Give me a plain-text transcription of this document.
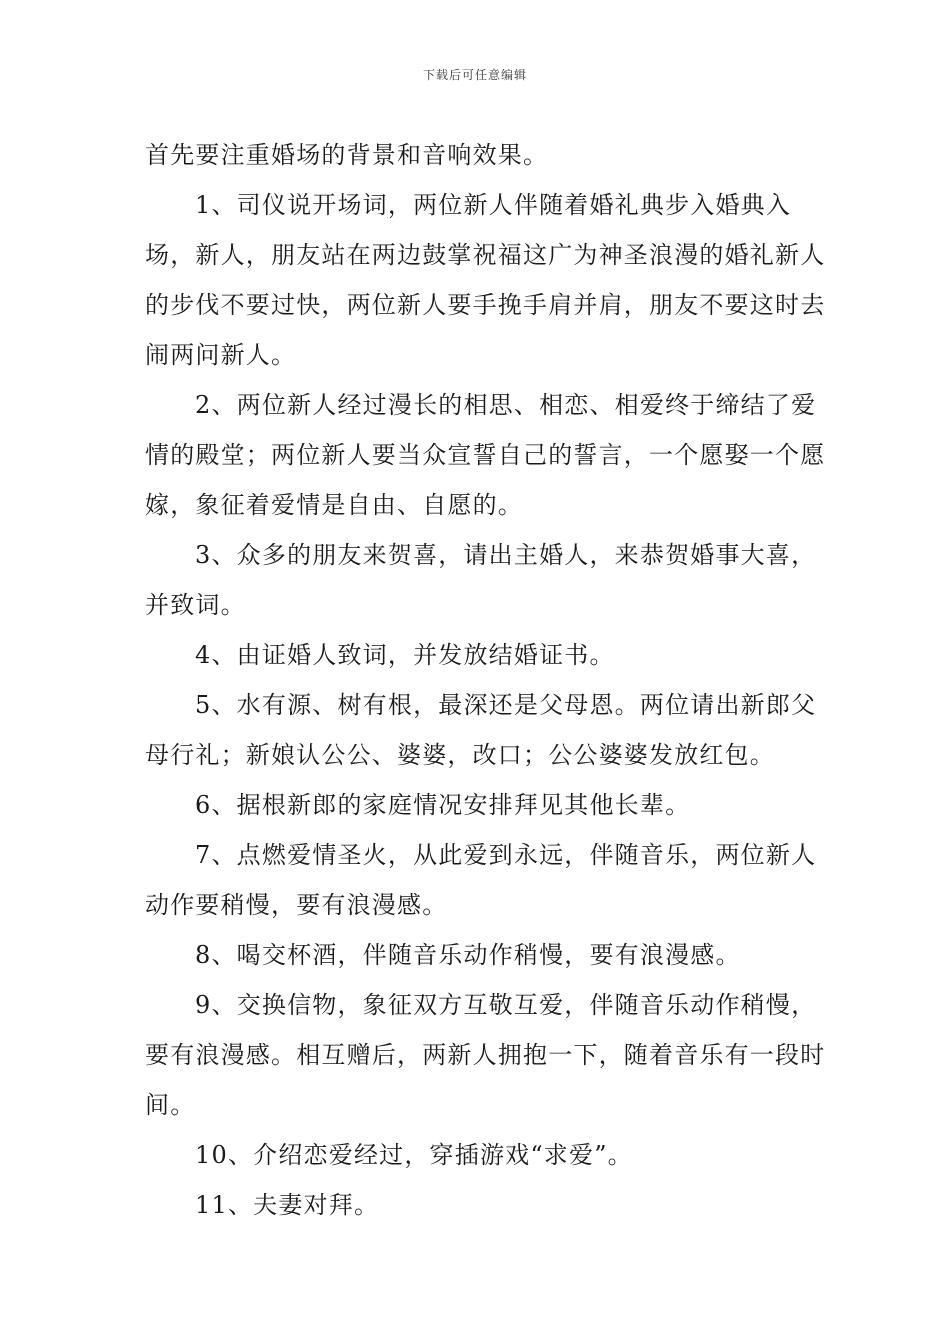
下载后可任意编辑

首先要注重婚场的背景和音响效果。

1、司仪说开场词，两位新人伴随着婚礼典步入婚典入场，新人，朋友站在两边鼓掌祝福这广为神圣浪漫的婚礼新人的步伐不要过快，两位新人要手挽手肩并肩，朋友不要这时去闹两问新人。

2、两位新人经过漫长的相思、相恋、相爱终于缔结了爱情的殿堂；两位新人要当众宣誓自己的誓言，一个愿娶一个愿嫁，象征着爱情是自由、自愿的。

3、众多的朋友来贺喜，请出主婚人，来恭贺婚事大喜，并致词。

4、由证婚人致词，并发放结婚证书。

5、水有源、树有根，最深还是父母恩。两位请出新郎父母行礼；新娘认公公、婆婆，改口；公公婆婆发放红包。

6、据根新郎的家庭情况安排拜见其他长辈。

7、点燃爱情圣火，从此爱到永远，伴随音乐，两位新人动作要稍慢，要有浪漫感。

8、喝交杯酒，伴随音乐动作稍慢，要有浪漫感。

9、交换信物，象征双方互敬互爱，伴随音乐动作稍慢，要有浪漫感。相互赠后，两新人拥抱一下，随着音乐有一段时间。

10、介绍恋爱经过，穿插游戏“求爱”。

11、夫妻对拜。
